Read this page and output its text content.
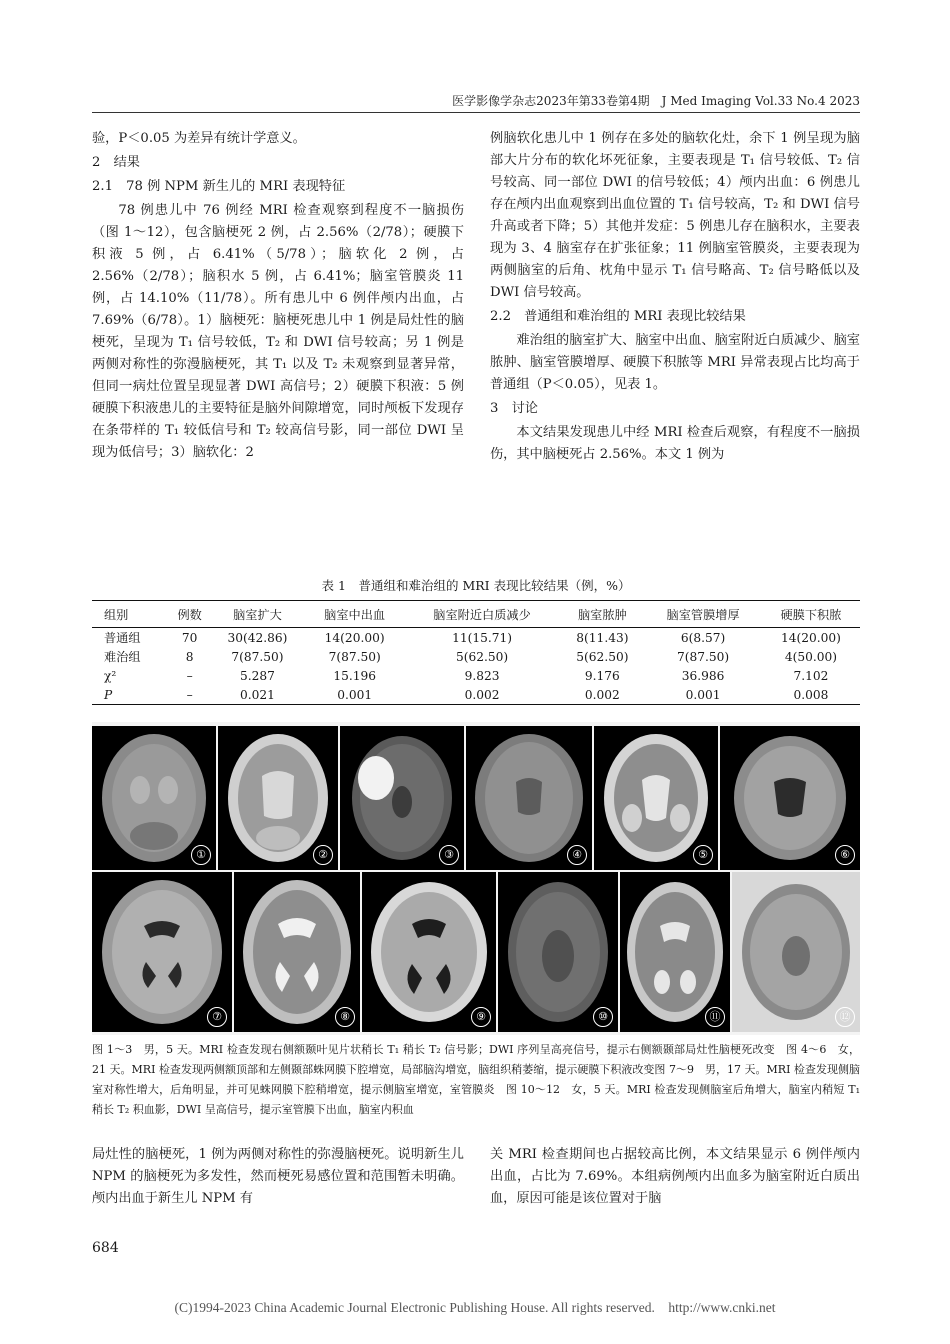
医学影像学杂志2023年第33卷第4期　J Med Imaging Vol.33 No.4 2023

验，P＜0.05 为差异有统计学意义。

2　结果

2.1　78 例 NPM 新生儿的 MRI 表现特征

78 例患儿中 76 例经 MRI 检查观察到程度不一脑损伤（图 1～12），包含脑梗死 2 例，占 2.56%（2/78）；硬膜下积液 5 例，占 6.41%（5/78）；脑软化 2 例，占 2.56%（2/78）；脑积水 5 例，占 6.41%；脑室管膜炎 11 例，占 14.10%（11/78）。所有患儿中 6 例伴颅内出血，占 7.69%（6/78）。1）脑梗死：脑梗死患儿中 1 例是局灶性的脑梗死，呈现为 T₁ 信号较低，T₂ 和 DWI 信号较高；另 1 例是两侧对称性的弥漫脑梗死，其 T₁ 以及 T₂ 未观察到显著异常，但同一病灶位置呈现显著 DWI 高信号；2）硬膜下积液：5 例硬膜下积液患儿的主要特征是脑外间隙增宽，同时颅板下发现存在条带样的 T₁ 较低信号和 T₂ 较高信号影，同一部位 DWI 呈现为低信号；3）脑软化：2

例脑软化患儿中 1 例存在多处的脑软化灶，余下 1 例呈现为脑部大片分布的软化坏死征象，主要表现是 T₁ 信号较低、T₂ 信号较高、同一部位 DWI 的信号较低；4）颅内出血：6 例患儿存在颅内出血观察到出血位置的 T₁ 信号较高，T₂ 和 DWI 信号升高或者下降；5）其他并发症：5 例患儿存在脑积水，主要表现为 3、4 脑室存在扩张征象；11 例脑室管膜炎，主要表现为两侧脑室的后角、枕角中显示 T₁ 信号略高、T₂ 信号略低以及 DWI 信号较高。

2.2　普通组和难治组的 MRI 表现比较结果

难治组的脑室扩大、脑室中出血、脑室附近白质减少、脑室脓肿、脑室管膜增厚、硬膜下积脓等 MRI 异常表现占比均高于普通组（P＜0.05），见表 1。

3　讨论

本文结果发现患儿中经 MRI 检查后观察，有程度不一脑损伤，其中脑梗死占 2.56%。本文 1 例为

表 1　普通组和难治组的 MRI 表现比较结果（例，%）
组别	例数	脑室扩大	脑室中出血	脑室附近白质减少	脑室脓肿	脑室管膜增厚	硬膜下积脓
普通组	70	30(42.86)	14(20.00)	11(15.71)	8(11.43)	6(8.57)	14(20.00)
难治组	8	7(87.50)	7(87.50)	5(62.50)	5(62.50)	7(87.50)	4(50.00)
χ²	–	5.287	15.196	9.823	9.176	36.986	7.102
P	–	0.021	0.001	0.002	0.002	0.001	0.008
①	②	③	④	⑤	⑥
⑦	⑧	⑨	⑩	⑪	⑫
图 1～3　男，5 天。MRI 检查发现右侧额颞叶见片状稍长 T₁ 稍长 T₂ 信号影；DWI 序列呈高亮信号，提示右侧额颞部局灶性脑梗死改变　图 4～6　女，21 天。MRI 检查发现两侧额顶部和左侧颞部蛛网膜下腔增宽，局部脑沟增宽，脑组织稍萎缩，提示硬膜下积液改变图 7～9　男，17 天。MRI 检查发现侧脑室对称性增大，后角明显，并可见蛛网膜下腔稍增宽，提示侧脑室增宽，室管膜炎　图 10～12　女，5 天。MRI 检查发现侧脑室后角增大，脑室内稍短 T₁ 稍长 T₂ 积血影，DWI 呈高信号，提示室管膜下出血，脑室内积血

局灶性的脑梗死，1 例为两侧对称性的弥漫脑梗死。说明新生儿 NPM 的脑梗死为多发性，然而梗死易感位置和范围暂未明确。颅内出血于新生儿 NPM 有

关 MRI 检查期间也占据较高比例，本文结果显示 6 例伴颅内出血，占比为 7.69%。本组病例颅内出血多为脑室附近白质出血，原因可能是该位置对于脑

684
(C)1994-2023 China Academic Journal Electronic Publishing House. All rights reserved.　http://www.cnki.net
